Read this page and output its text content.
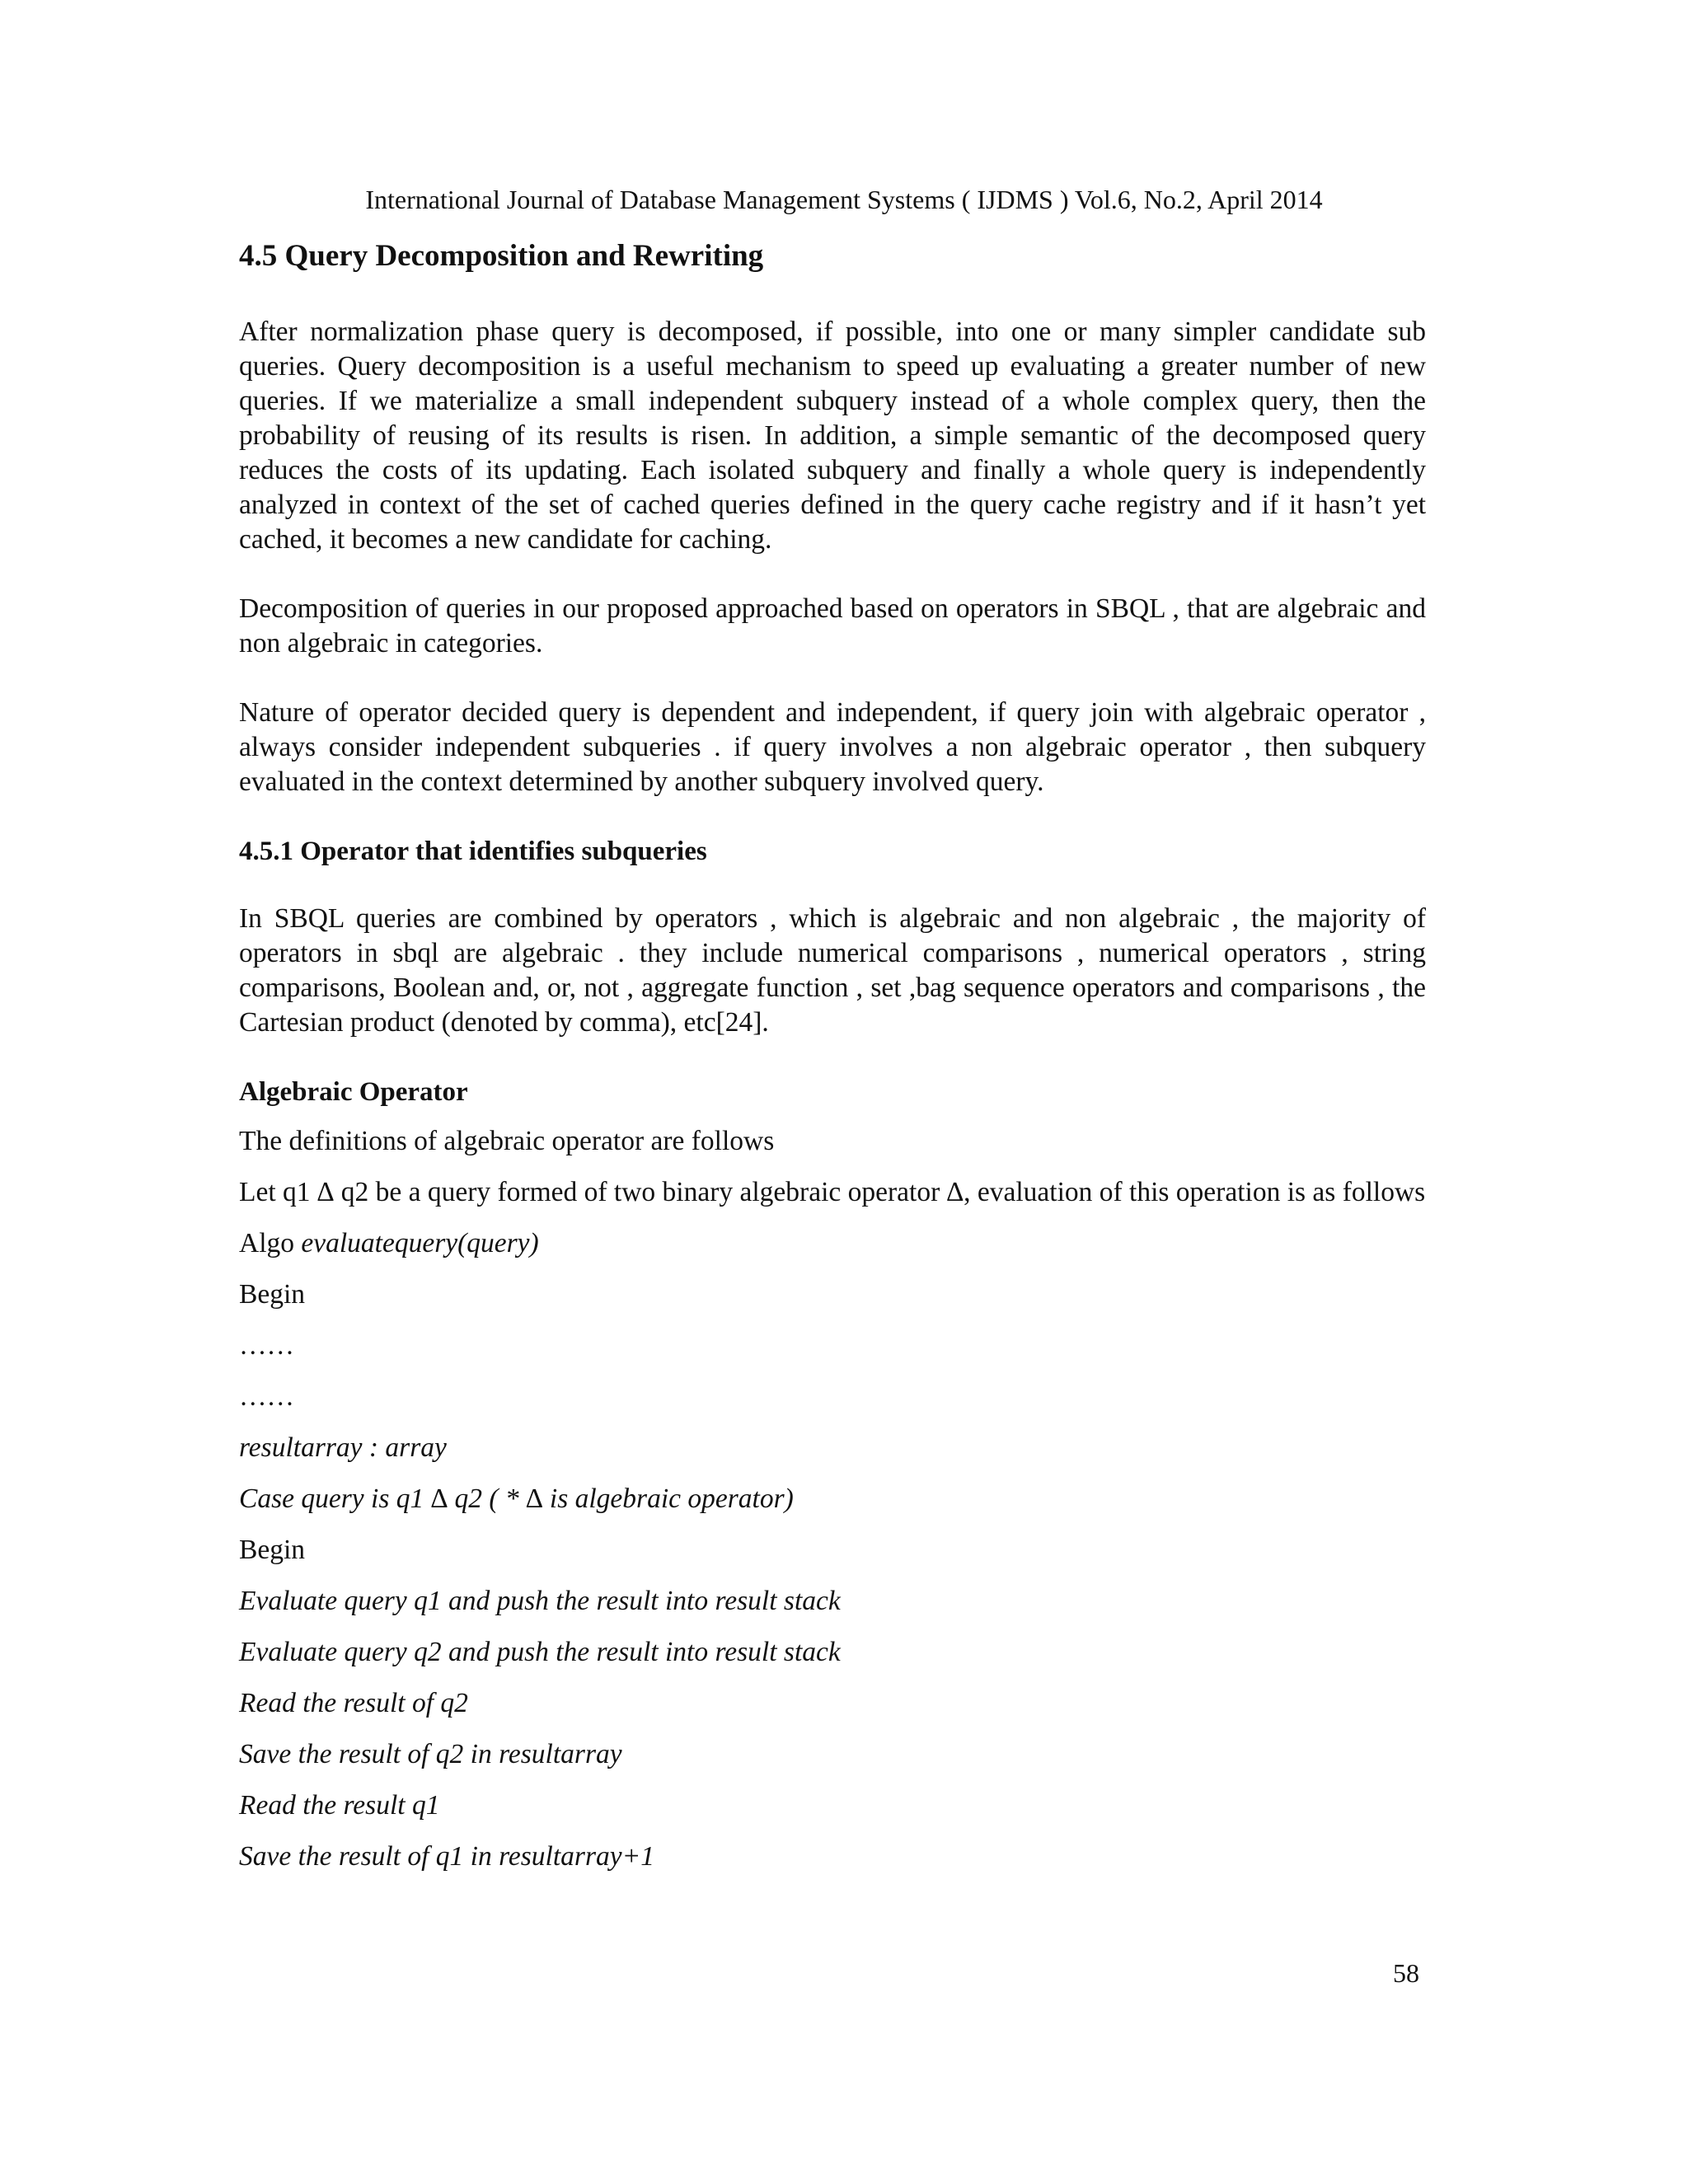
International Journal of Database Management Systems ( IJDMS ) Vol.6, No.2, April 2014
4.5 Query Decomposition and Rewriting

After normalization phase query is decomposed, if possible, into one or many simpler candidate sub queries. Query decomposition is a useful mechanism to speed up evaluating a greater number of new queries. If we materialize a small independent subquery instead of a whole complex query, then the probability of reusing of its results is risen. In addition, a simple semantic of the decomposed query reduces the costs of its updating. Each isolated subquery and finally a whole query is independently analyzed in context of the set of cached queries defined in the query cache registry and if it hasn’t yet cached, it becomes a new candidate for caching.

Decomposition of queries in our proposed approached based on operators in SBQL , that are algebraic and non algebraic in categories.

Nature of operator decided query is dependent and independent, if query join with algebraic operator , always consider independent subqueries . if query involves a non algebraic operator , then subquery evaluated in the context determined by another subquery involved query.

4.5.1 Operator that identifies subqueries

In SBQL queries are combined by operators , which is algebraic and non algebraic , the majority of operators in sbql are algebraic . they include numerical comparisons , numerical operators , string comparisons, Boolean and, or, not , aggregate function , set ,bag sequence operators and comparisons , the Cartesian product (denoted by comma), etc[24].

Algebraic Operator

The definitions of algebraic operator are follows

Let q1 ∆ q2 be a query formed of two binary algebraic operator ∆, evaluation of this operation is as follows

Algo evaluatequery(query)

Begin

……

……

resultarray : array

Case query is q1 ∆ q2 ( * ∆ is algebraic operator)

Begin

Evaluate query q1 and push the result into result stack

Evaluate query q2 and push the result into result stack

Read the result of q2

Save the result of q2 in resultarray

Read the result q1

Save the result of q1 in resultarray+1

58
